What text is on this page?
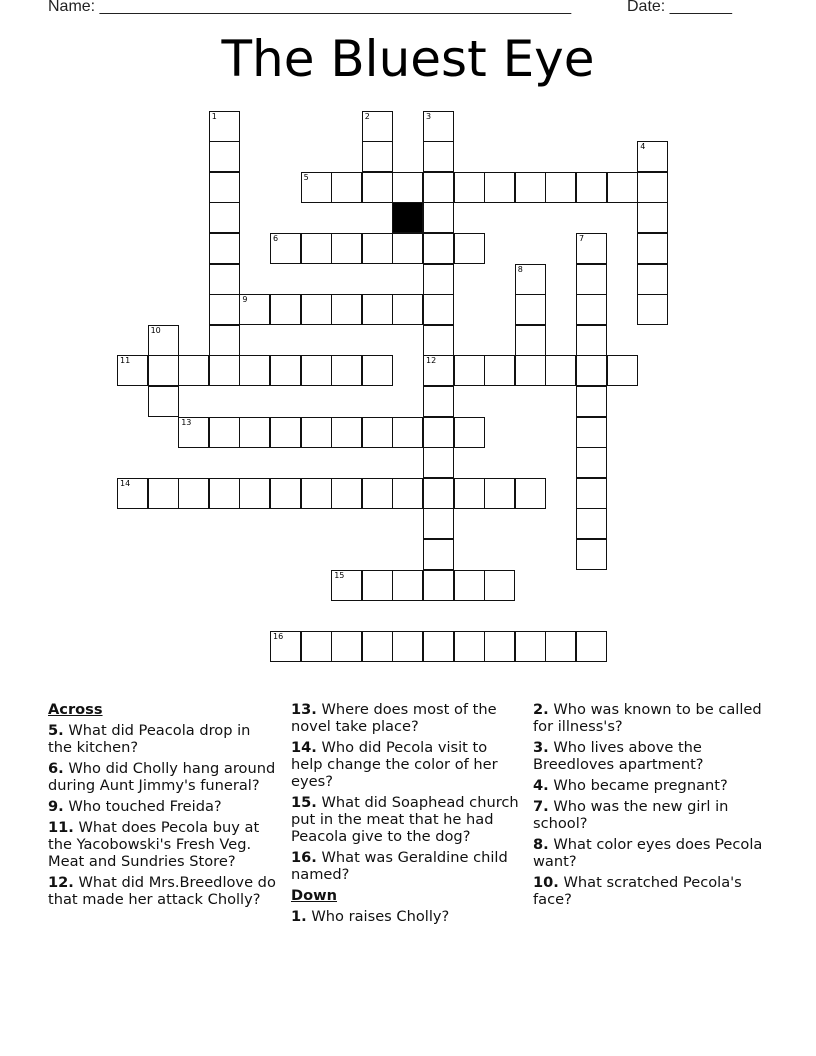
Name: _____________________________________________________	Date: _______
The Bluest Eye
5
6
9
11	12
13
14
15
16
1	2	3
4
7
8
10
Across
5. What did Peacola drop in the kitchen?
6. Who did Cholly hang around during Aunt Jimmy's funeral?
9. Who touched Freida?
11. What does Pecola buy at the Yacobowski's Fresh Veg. Meat and Sundries Store?
12. What did Mrs.Breedlove do that made her attack Cholly?
13. Where does most of the novel take place?
14. Who did Pecola visit to help change the color of her eyes?
15. What did Soaphead church put in the meat that he had Peacola give to the dog?
16. What was Geraldine child named?
Down
1. Who raises Cholly?
2. Who was known to be called for illness's?
3. Who lives above the Breedloves apartment?
4. Who became pregnant?
7. Who was the new girl in school?
8. What color eyes does Pecola want?
10. What scratched Pecola's face?
